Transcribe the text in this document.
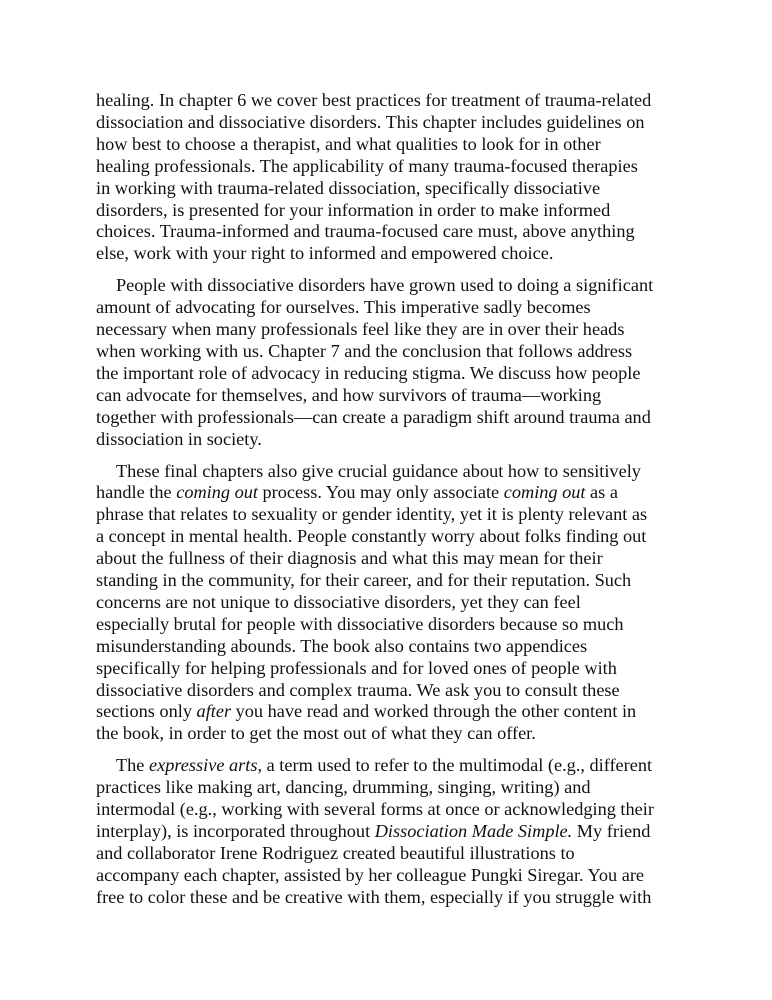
healing. In chapter 6 we cover best practices for treatment of trauma-related
dissociation and dissociative disorders. This chapter includes guidelines on
how best to choose a therapist, and what qualities to look for in other
healing professionals. The applicability of many trauma-focused therapies
in working with trauma-related dissociation, specifically dissociative
disorders, is presented for your information in order to make informed
choices. Trauma-informed and trauma-focused care must, above anything
else, work with your right to informed and empowered choice.

People with dissociative disorders have grown used to doing a significant
amount of advocating for ourselves. This imperative sadly becomes
necessary when many professionals feel like they are in over their heads
when working with us. Chapter 7 and the conclusion that follows address
the important role of advocacy in reducing stigma. We discuss how people
can advocate for themselves, and how survivors of trauma—working
together with professionals—can create a paradigm shift around trauma and
dissociation in society.

These final chapters also give crucial guidance about how to sensitively
handle the coming out process. You may only associate coming out as a
phrase that relates to sexuality or gender identity, yet it is plenty relevant as
a concept in mental health. People constantly worry about folks finding out
about the fullness of their diagnosis and what this may mean for their
standing in the community, for their career, and for their reputation. Such
concerns are not unique to dissociative disorders, yet they can feel
especially brutal for people with dissociative disorders because so much
misunderstanding abounds. The book also contains two appendices
specifically for helping professionals and for loved ones of people with
dissociative disorders and complex trauma. We ask you to consult these
sections only after you have read and worked through the other content in
the book, in order to get the most out of what they can offer.

The expressive arts, a term used to refer to the multimodal (e.g., different
practices like making art, dancing, drumming, singing, writing) and
intermodal (e.g., working with several forms at once or acknowledging their
interplay), is incorporated throughout Dissociation Made Simple. My friend
and collaborator Irene Rodriguez created beautiful illustrations to
accompany each chapter, assisted by her colleague Pungki Siregar. You are
free to color these and be creative with them, especially if you struggle with
